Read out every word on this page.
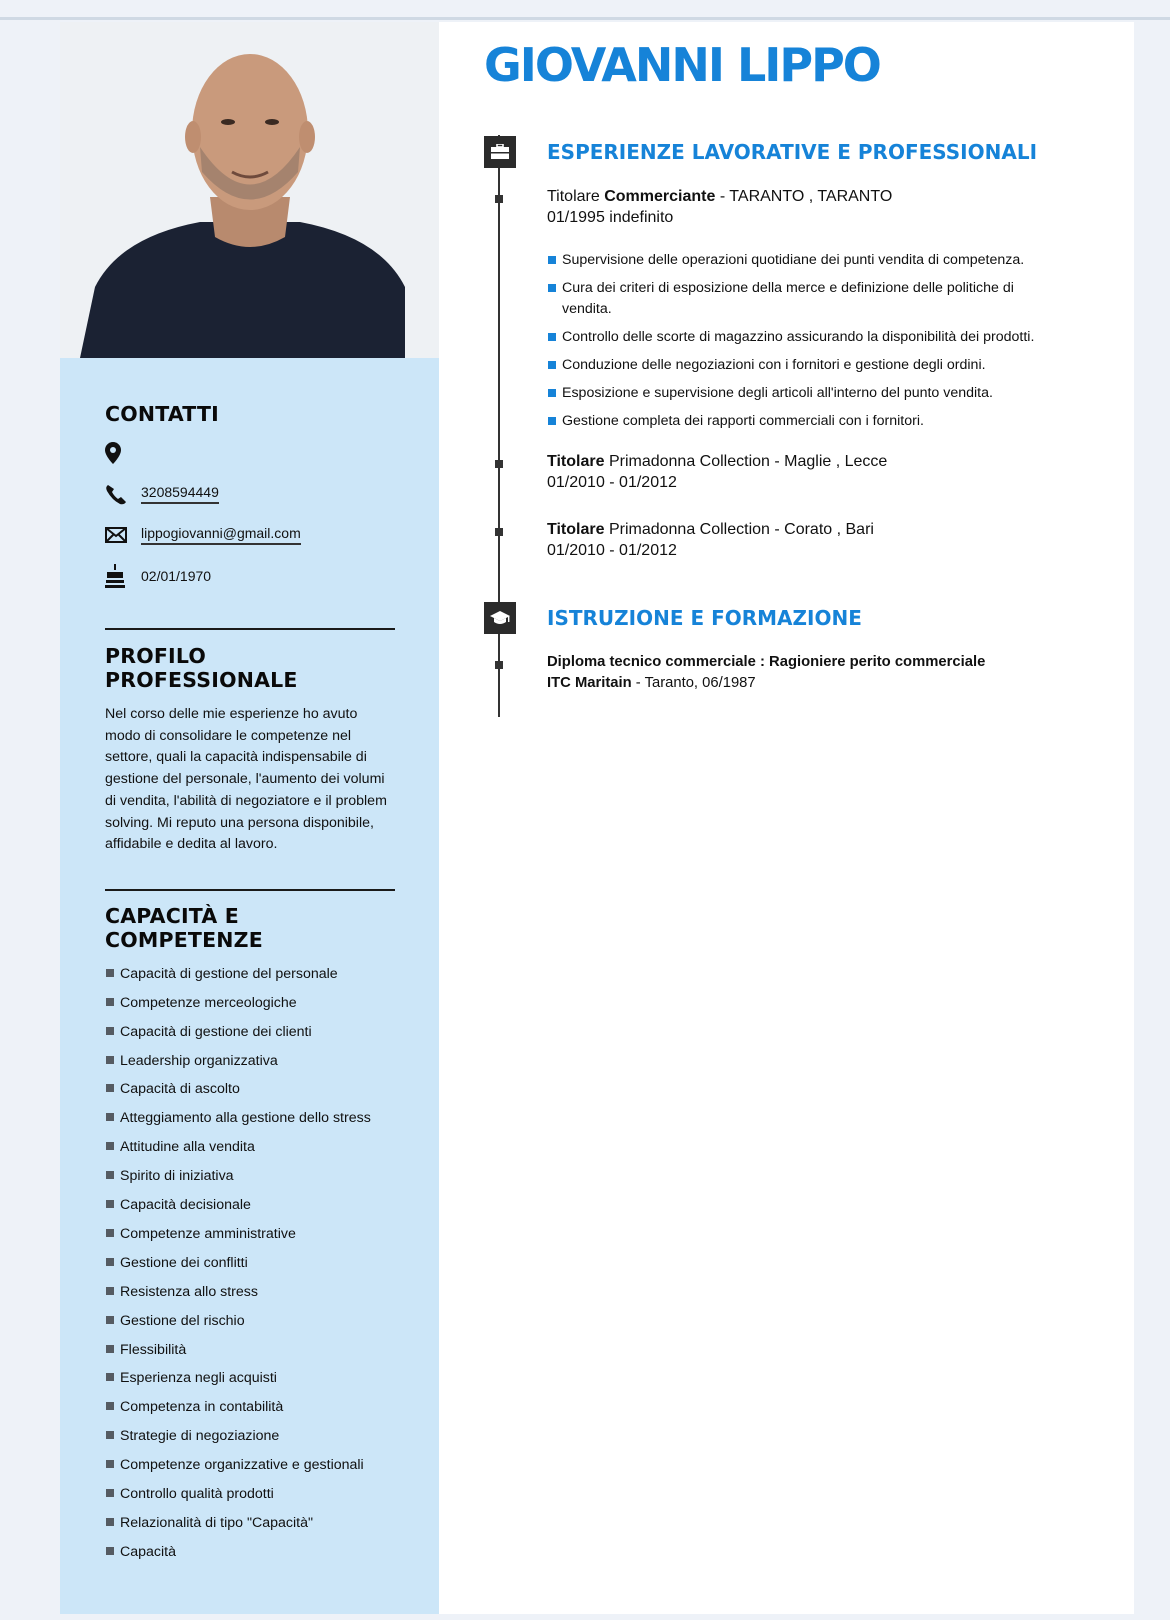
CONTATTI
3208594449
lippogiovanni@gmail.com
02/01/1970
PROFILO PROFESSIONALE
Nel corso delle mie esperienze ho avuto modo di consolidare le competenze nel settore, quali la capacità indispensabile di gestione del personale, l'aumento dei volumi di vendita, l'abilità di negoziatore e il problem solving. Mi reputo una persona disponibile, affidabile e dedita al lavoro.
CAPACITÀ E COMPETENZE
Capacità di gestione del personale
Competenze merceologiche
Capacità di gestione dei clienti
Leadership organizzativa
Capacità di ascolto
Atteggiamento alla gestione dello stress
Attitudine alla vendita
Spirito di iniziativa
Capacità decisionale
Competenze amministrative
Gestione dei conflitti
Resistenza allo stress
Gestione del rischio
Flessibilità
Esperienza negli acquisti
Competenza in contabilità
Strategie di negoziazione
Competenze organizzative e gestionali
Controllo qualità prodotti
Relazionalità di tipo "Capacità"
Capacità
GIOVANNI LIPPO
ESPERIENZE LAVORATIVE E PROFESSIONALI
Titolare Commerciante - TARANTO , TARANTO
01/1995 indefinito
Supervisione delle operazioni quotidiane dei punti vendita di competenza.
Cura dei criteri di esposizione della merce e definizione delle politiche di vendita.
Controllo delle scorte di magazzino assicurando la disponibilità dei prodotti.
Conduzione delle negoziazioni con i fornitori e gestione degli ordini.
Esposizione e supervisione degli articoli all'interno del punto vendita.
Gestione completa dei rapporti commerciali con i fornitori.
Titolare Primadonna Collection - Maglie , Lecce
01/2010 - 01/2012
Titolare Primadonna Collection - Corato , Bari
01/2010 - 01/2012
ISTRUZIONE E FORMAZIONE
Diploma tecnico commerciale : Ragioniere perito commerciale
ITC Maritain - Taranto, 06/1987
